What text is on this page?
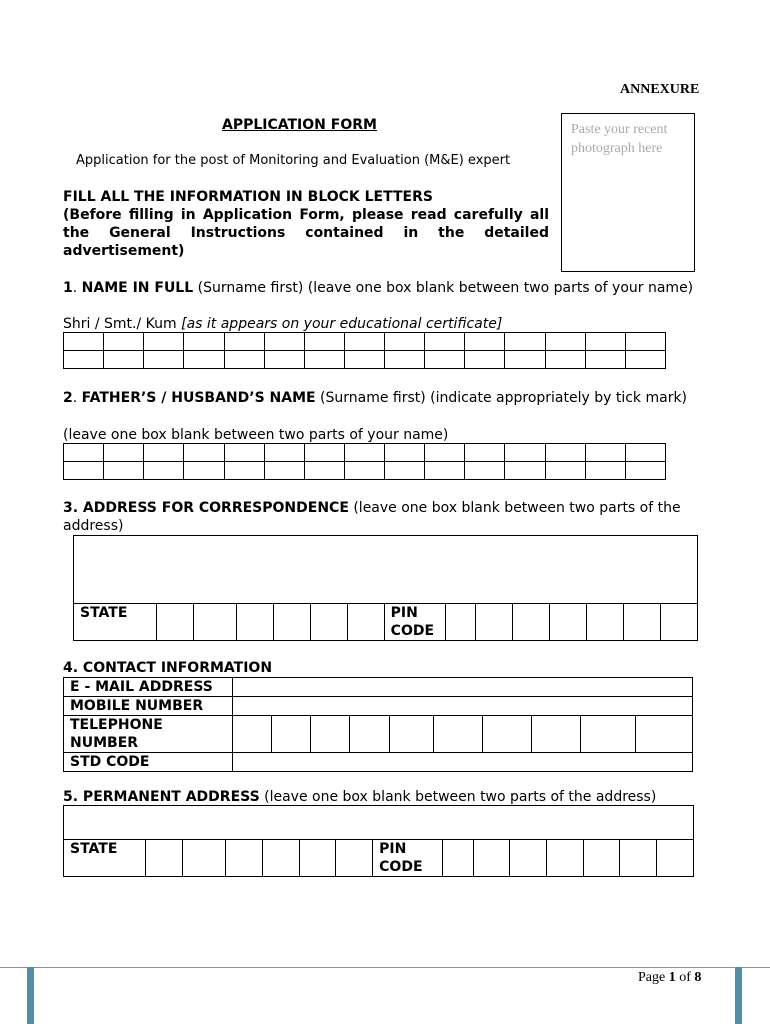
ANNEXURE
Paste your recent photograph here
APPLICATION FORM
Application for the post of Monitoring and Evaluation (M&E) expert
FILL ALL THE INFORMATION IN BLOCK LETTERS
(Before filling in Application Form, please read carefully all the General Instructions contained in the detailed advertisement)
1. NAME IN FULL (Surname first) (leave one box blank between two parts of your name)
Shri / Smt./ Kum [as it appears on your educational certificate]

2. FATHER’S / HUSBAND’S NAME (Surname first) (indicate appropriately by tick mark)
(leave one box blank between two parts of your name)

3. ADDRESS FOR CORRESPONDENCE (leave one box blank between two parts of the address)
STATE							PIN CODE							
4. CONTACT INFORMATION
E - MAIL ADDRESS										
MOBILE NUMBER										
TELEPHONE NUMBER										
STD CODE										
5. PERMANENT ADDRESS (leave one box blank between two parts of the address)
STATE							PIN CODE							
Page 1 of 8
